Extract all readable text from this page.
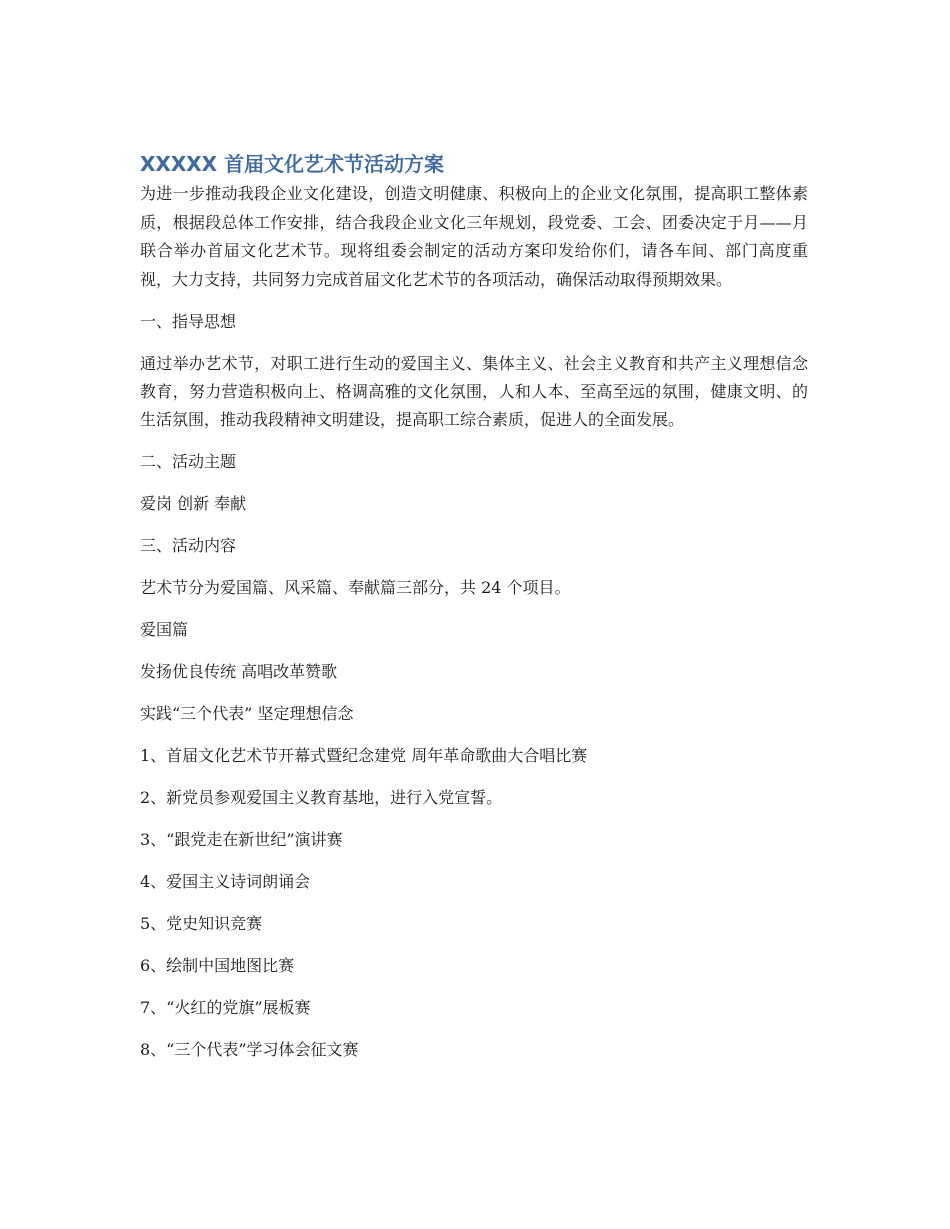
XXXXX 首届文化艺术节活动方案

为进一步推动我段企业文化建设，创造文明健康、积极向上的企业文化氛围，提高职工整体素质，根据段总体工作安排，结合我段企业文化三年规划，段党委、工会、团委决定于月——月联合举办首届文化艺术节。现将组委会制定的活动方案印发给你们，请各车间、部门高度重视，大力支持，共同努力完成首届文化艺术节的各项活动，确保活动取得预期效果。

一、指导思想

通过举办艺术节，对职工进行生动的爱国主义、集体主义、社会主义教育和共产主义理想信念教育，努力营造积极向上、格调高雅的文化氛围，人和人本、至高至远的氛围，健康文明、的生活氛围，推动我段精神文明建设，提高职工综合素质，促进人的全面发展。

二、活动主题

爱岗 创新 奉献

三、活动内容

艺术节分为爱国篇、风采篇、奉献篇三部分，共 24 个项目。

爱国篇

发扬优良传统 高唱改革赞歌

实践“三个代表” 坚定理想信念

1、首届文化艺术节开幕式暨纪念建党 周年革命歌曲大合唱比赛

2、新党员参观爱国主义教育基地，进行入党宣誓。

3、“跟党走在新世纪”演讲赛

4、爱国主义诗词朗诵会

5、党史知识竞赛

6、绘制中国地图比赛

7、“火红的党旗”展板赛

8、“三个代表”学习体会征文赛
